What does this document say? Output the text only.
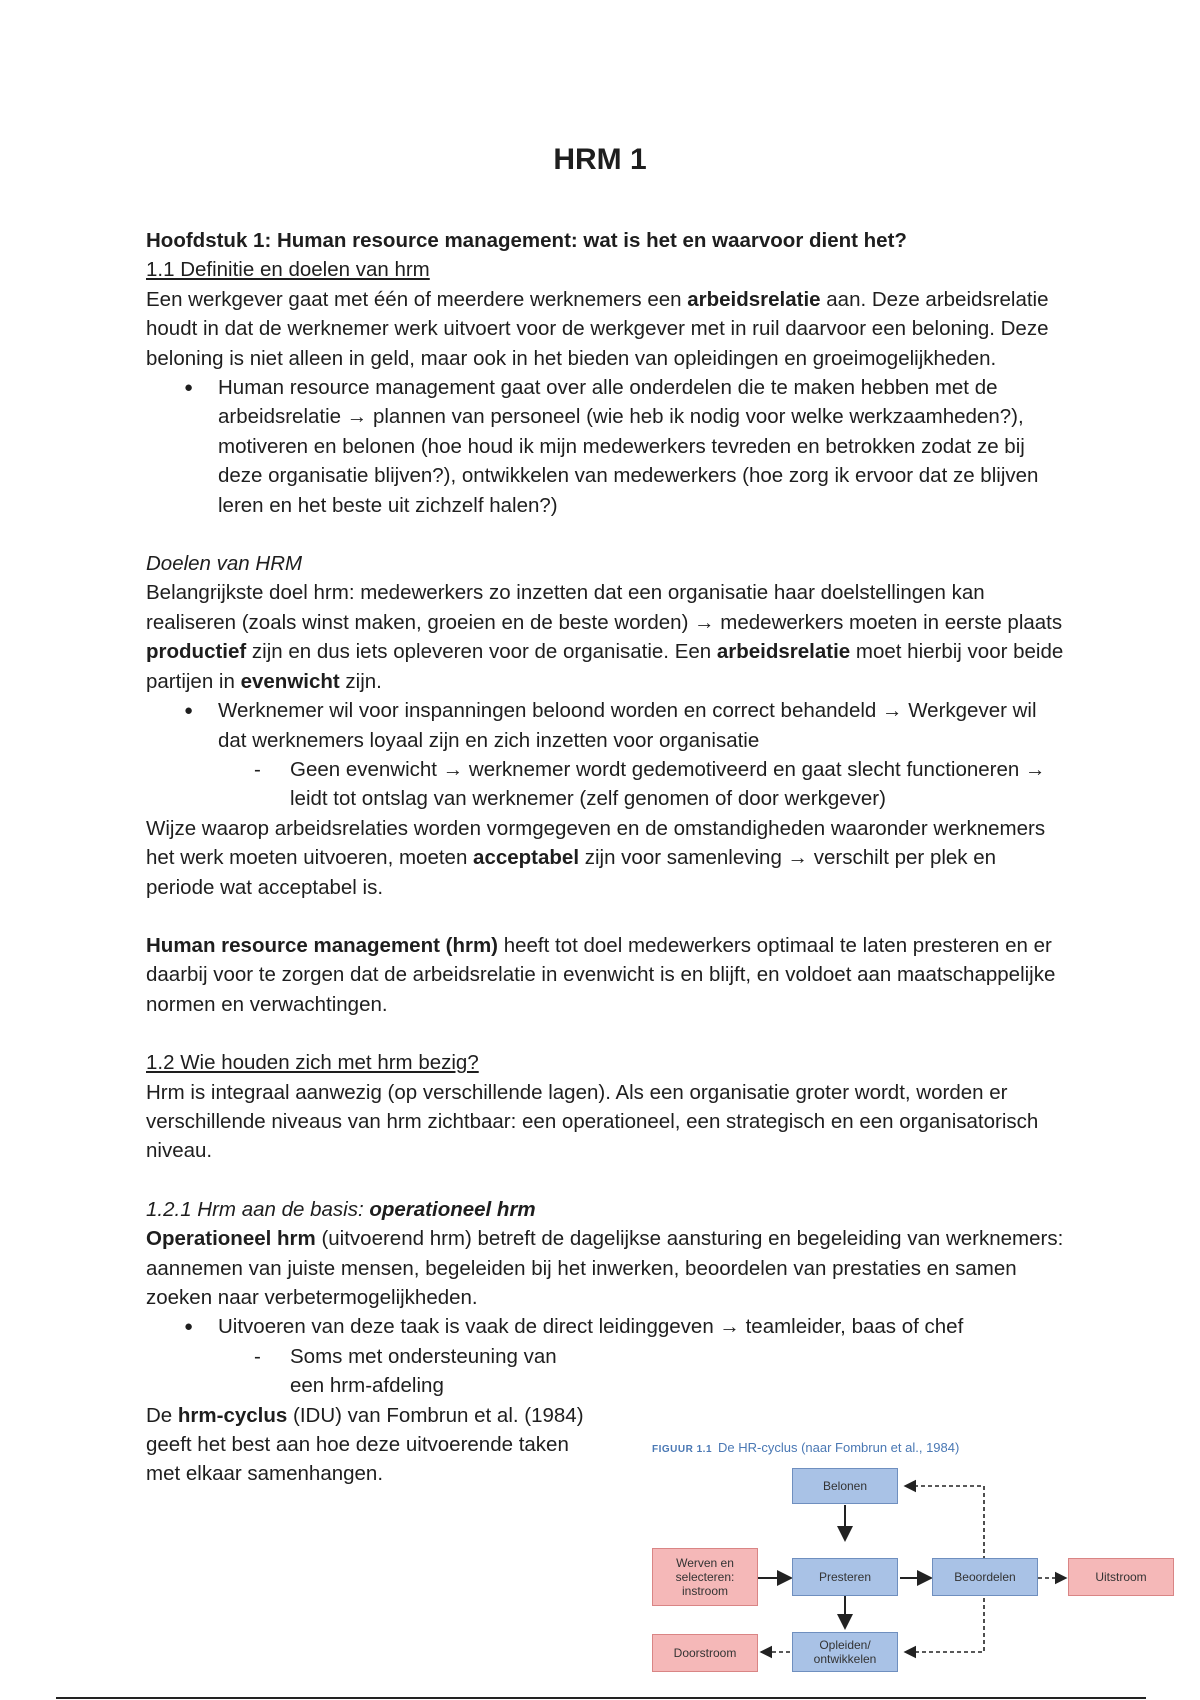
HRM 1

Hoofdstuk 1: Human resource management: wat is het en waarvoor dient het?

1.1 Definitie en doelen van hrm

Een werkgever gaat met één of meerdere werknemers een arbeidsrelatie aan. Deze arbeidsrelatie houdt in dat de werknemer werk uitvoert voor de werkgever met in ruil daarvoor een beloning. Deze beloning is niet alleen in geld, maar ook in het bieden van opleidingen en groeimogelijkheden.

● Human resource management gaat over alle onderdelen die te maken hebben met de arbeidsrelatie → plannen van personeel (wie heb ik nodig voor welke werkzaamheden?), motiveren en belonen (hoe houd ik mijn medewerkers tevreden en betrokken zodat ze bij deze organisatie blijven?), ontwikkelen van medewerkers (hoe zorg ik ervoor dat ze blijven leren en het beste uit zichzelf halen?)

Doelen van HRM

Belangrijkste doel hrm: medewerkers zo inzetten dat een organisatie haar doelstellingen kan realiseren (zoals winst maken, groeien en de beste worden) → medewerkers moeten in eerste plaats productief zijn en dus iets opleveren voor de organisatie. Een arbeidsrelatie moet hierbij voor beide partijen in evenwicht zijn.

● Werknemer wil voor inspanningen beloond worden en correct behandeld → Werkgever wil dat werknemers loyaal zijn en zich inzetten voor organisatie
- Geen evenwicht → werknemer wordt gedemotiveerd en gaat slecht functioneren → leidt tot ontslag van werknemer (zelf genomen of door werkgever)

Wijze waarop arbeidsrelaties worden vormgegeven en de omstandigheden waaronder werknemers het werk moeten uitvoeren, moeten acceptabel zijn voor samenleving → verschilt per plek en periode wat acceptabel is.

Human resource management (hrm) heeft tot doel medewerkers optimaal te laten presteren en er daarbij voor te zorgen dat de arbeidsrelatie in evenwicht is en blijft, en voldoet aan maatschappelijke normen en verwachtingen.

1.2 Wie houden zich met hrm bezig?

Hrm is integraal aanwezig (op verschillende lagen). Als een organisatie groter wordt, worden er verschillende niveaus van hrm zichtbaar: een operationeel, een strategisch en een organisatorisch niveau.

1.2.1 Hrm aan de basis: operationeel hrm

Operationeel hrm (uitvoerend hrm) betreft de dagelijkse aansturing en begeleiding van werknemers: aannemen van juiste mensen, begeleiden bij het inwerken, beoordelen van prestaties en samen zoeken naar verbetermogelijkheden.

● Uitvoeren van deze taak is vaak de direct leidinggeven → teamleider, baas of chef
- Soms met ondersteuning van een hrm-afdeling

De hrm-cyclus (IDU) van Fombrun et al. (1984) geeft het best aan hoe deze uitvoerende taken met elkaar samenhangen.

FIGUUR 1.1 De HR-cyclus (naar Fombrun et al., 1984)
Belonen
Werven en selecteren: instroom
Presteren	Beoordelen	Uitstroom
Doorstroom
Opleiden/ ontwikkelen
